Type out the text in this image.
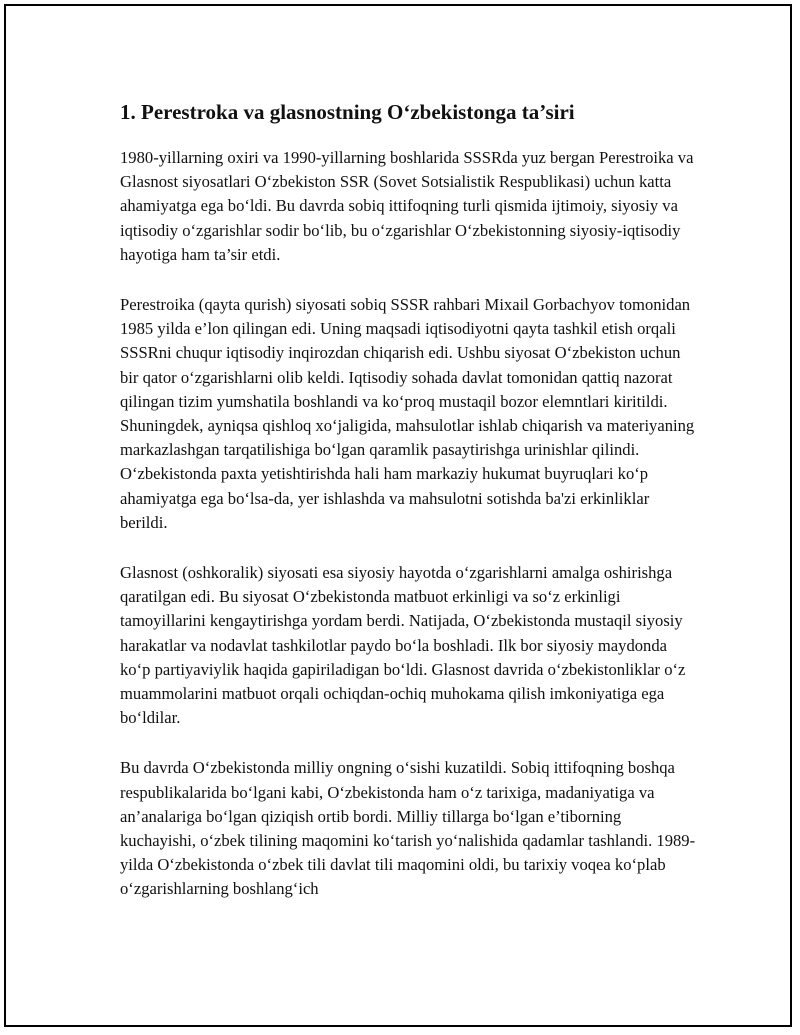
1. Perestroka va glasnostning O‘zbekistonga ta’siri

1980-yillarning oxiri va 1990-yillarning boshlarida SSSRda yuz bergan Perestroika va Glasnost siyosatlari O‘zbekiston SSR (Sovet Sotsialistik Respublikasi) uchun katta ahamiyatga ega bo‘ldi. Bu davrda sobiq ittifoqning turli qismida ijtimoiy, siyosiy va iqtisodiy o‘zgarishlar sodir bo‘lib, bu o‘zgarishlar O‘zbekistonning siyosiy-iqtisodiy hayotiga ham ta’sir etdi.

Perestroika (qayta qurish) siyosati sobiq SSSR rahbari Mixail Gorbachyov tomonidan 1985 yilda e’lon qilingan edi. Uning maqsadi iqtisodiyotni qayta tashkil etish orqali SSSRni chuqur iqtisodiy inqirozdan chiqarish edi. Ushbu siyosat O‘zbekiston uchun bir qator o‘zgarishlarni olib keldi. Iqtisodiy sohada davlat tomonidan qattiq nazorat qilingan tizim yumshatila boshlandi va ko‘proq mustaqil bozor elemntlari kiritildi. Shuningdek, ayniqsa qishloq xo‘jaligida, mahsulotlar ishlab chiqarish va materiyaning markazlashgan tarqatilishiga bo‘lgan qaramlik pasaytirishga urinishlar qilindi. O‘zbekistonda paxta yetishtirishda hali ham markaziy hukumat buyruqlari ko‘p ahamiyatga ega bo‘lsa-da, yer ishlashda va mahsulotni sotishda ba'zi erkinliklar berildi.

Glasnost (oshkoralik) siyosati esa siyosiy hayotda o‘zgarishlarni amalga oshirishga qaratilgan edi. Bu siyosat O‘zbekistonda matbuot erkinligi va so‘z erkinligi tamoyillarini kengaytirishga yordam berdi. Natijada, O‘zbekistonda mustaqil siyosiy harakatlar va nodavlat tashkilotlar paydo bo‘la boshladi. Ilk bor siyosiy maydonda ko‘p partiyaviylik haqida gapiriladigan bo‘ldi. Glasnost davrida o‘zbekistonliklar o‘z muammolarini matbuot orqali ochiqdan-ochiq muhokama qilish imkoniyatiga ega bo‘ldilar.

Bu davrda O‘zbekistonda milliy ongning o‘sishi kuzatildi. Sobiq ittifoqning boshqa respublikalarida bo‘lgani kabi, O‘zbekistonda ham o‘z tarixiga, madaniyatiga va an’analariga bo‘lgan qiziqish ortib bordi. Milliy tillarga bo‘lgan e’tiborning kuchayishi, o‘zbek tilining maqomini ko‘tarish yo‘nalishida qadamlar tashlandi. 1989-yilda O‘zbekistonda o‘zbek tili davlat tili maqomini oldi, bu tarixiy voqea ko‘plab o‘zgarishlarning boshlang‘ich
